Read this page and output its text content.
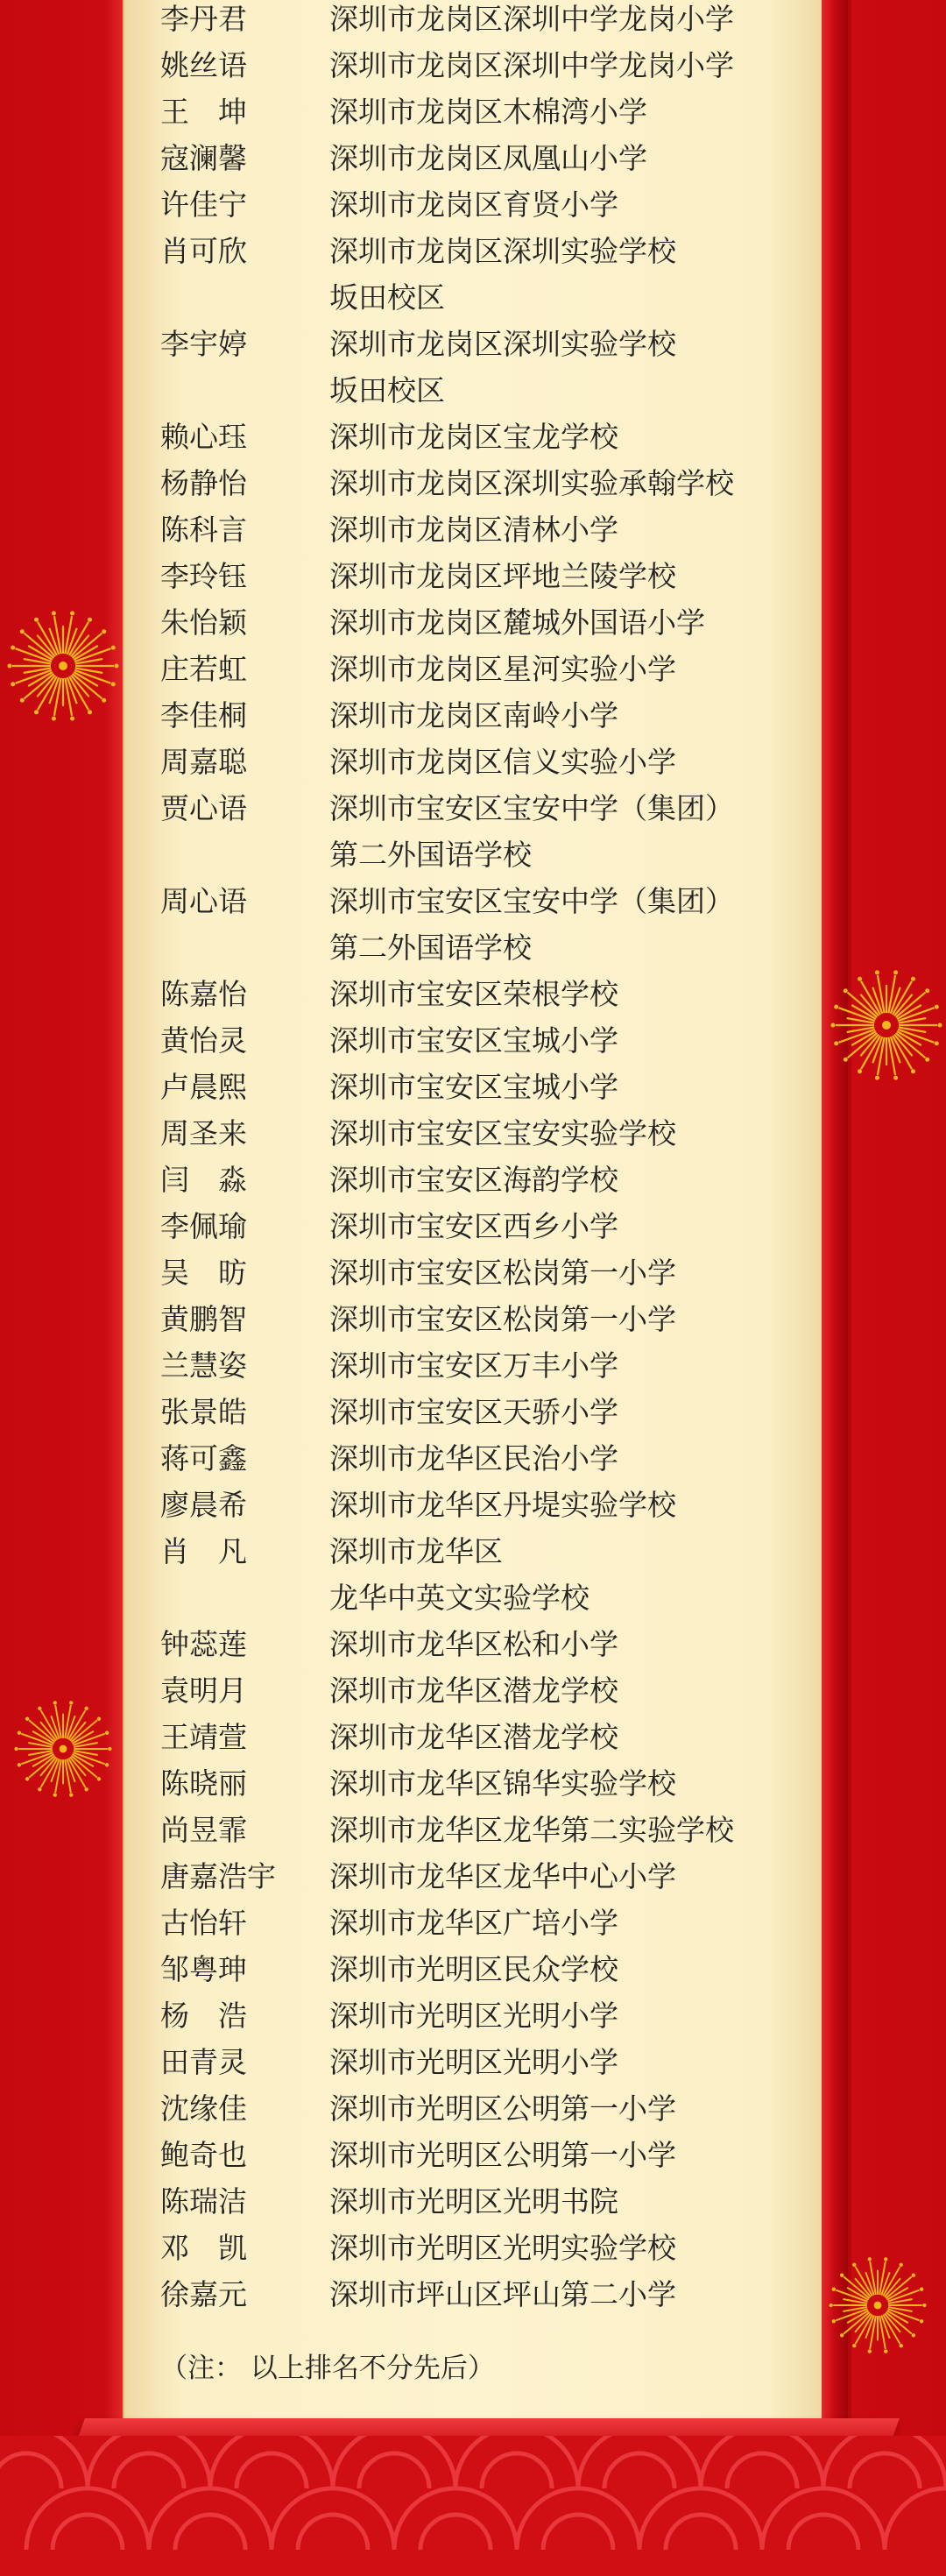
李丹君	深圳市龙岗区深圳中学龙岗小学
姚丝语	深圳市龙岗区深圳中学龙岗小学
王　坤	深圳市龙岗区木棉湾小学
寇澜馨	深圳市龙岗区凤凰山小学
许佳宁	深圳市龙岗区育贤小学
肖可欣	深圳市龙岗区深圳实验学校
坂田校区
李宇婷	深圳市龙岗区深圳实验学校
坂田校区
赖心珏	深圳市龙岗区宝龙学校
杨静怡	深圳市龙岗区深圳实验承翰学校
陈科言	深圳市龙岗区清林小学
李玲钰	深圳市龙岗区坪地兰陵学校
朱怡颖	深圳市龙岗区麓城外国语小学
庄若虹	深圳市龙岗区星河实验小学
李佳桐	深圳市龙岗区南岭小学
周嘉聪	深圳市龙岗区信义实验小学
贾心语	深圳市宝安区宝安中学（集团）
第二外国语学校
周心语	深圳市宝安区宝安中学（集团）
第二外国语学校
陈嘉怡	深圳市宝安区荣根学校
黄怡灵	深圳市宝安区宝城小学
卢晨熙	深圳市宝安区宝城小学
周圣来	深圳市宝安区宝安实验学校
闫　淼	深圳市宝安区海韵学校
李佩瑜	深圳市宝安区西乡小学
吴　昉	深圳市宝安区松岗第一小学
黄鹏智	深圳市宝安区松岗第一小学
兰慧姿	深圳市宝安区万丰小学
张景皓	深圳市宝安区天骄小学
蒋可鑫	深圳市龙华区民治小学
廖晨希	深圳市龙华区丹堤实验学校
肖　凡	深圳市龙华区
龙华中英文实验学校
钟蕊莲	深圳市龙华区松和小学
袁明月	深圳市龙华区潜龙学校
王靖萱	深圳市龙华区潜龙学校
陈晓丽	深圳市龙华区锦华实验学校
尚昱霏	深圳市龙华区龙华第二实验学校
唐嘉浩宇	深圳市龙华区龙华中心小学
古怡轩	深圳市龙华区广培小学
邹粤珅	深圳市光明区民众学校
杨　浩	深圳市光明区光明小学
田青灵	深圳市光明区光明小学
沈缘佳	深圳市光明区公明第一小学
鲍奇也	深圳市光明区公明第一小学
陈瑞洁	深圳市光明区光明书院
邓　凯	深圳市光明区光明实验学校
徐嘉元	深圳市坪山区坪山第二小学
（注： 以上排名不分先后）
